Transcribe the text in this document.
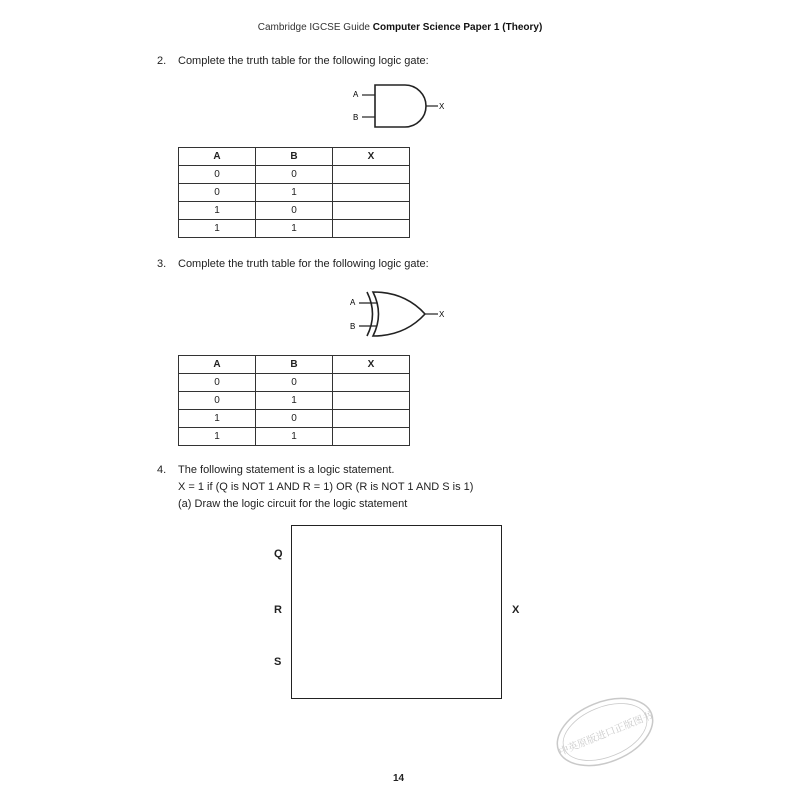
Cambridge IGCSE Guide Computer Science Paper 1 (Theory)
2. Complete the truth table for the following logic gate:
A
B
X
A	B	X
0	0	
0	1	
1	0	
1	1	
3. Complete the truth table for the following logic gate:
A
B
X
A	B	X
0	0	
0	1	
1	0	
1	1	
4. The following statement is a logic statement.
X = 1 if (Q is NOT 1 AND R = 1) OR (R is NOT 1 AND S is 1)
(a) Draw the logic circuit for the logic statement
Q
R
S
X
中英原版进口正版图书
14
